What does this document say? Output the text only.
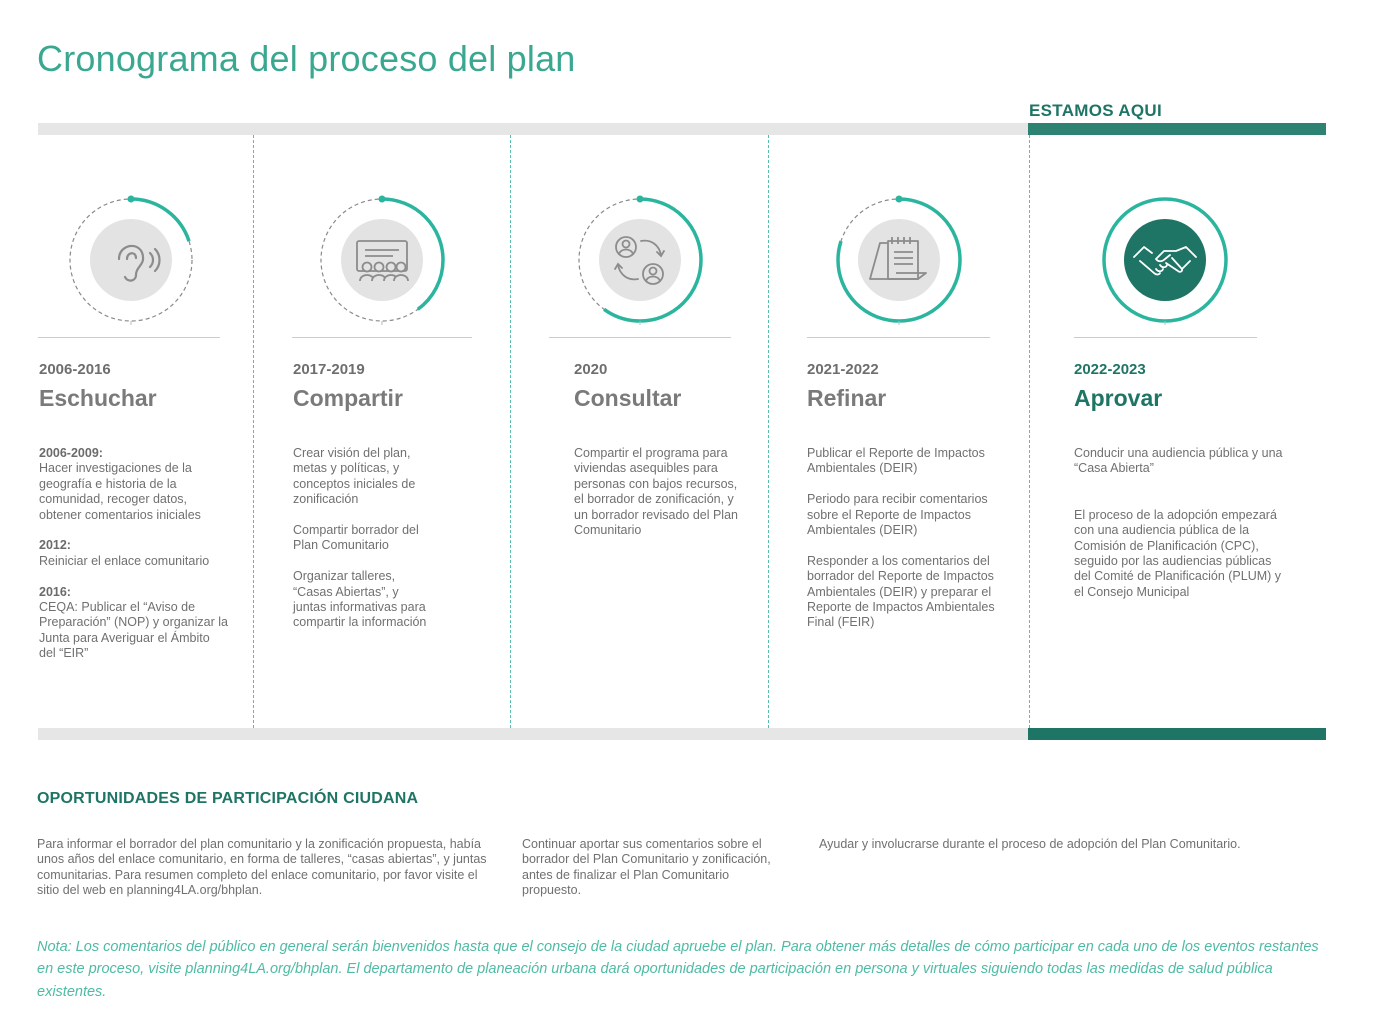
Cronograma del proceso del plan
ESTAMOS AQUI
2006-2016
Eschuchar

2006-2009:
Hacer investigaciones de la geografía e historia de la comunidad, recoger datos, obtener comentarios iniciales

2012:
Reiniciar el enlace comunitario

2016:
CEQA: Publicar el “Aviso de Preparación” (NOP) y organizar la Junta para Averiguar el Ámbito del “EIR”

2017-2019
Compartir

Crear visión del plan, metas y políticas, y conceptos iniciales de zonificación

Compartir borrador del Plan Comunitario

Organizar talleres, “Casas Abiertas”, y juntas informativas para compartir la información

2020
Consultar

Compartir el programa para viviendas asequibles para personas con bajos recursos, el borrador de zonificación, y un borrador revisado del Plan Comunitario

2021-2022
Refinar

Publicar el Reporte de Impactos Ambientales (DEIR)

Periodo para recibir comentarios sobre el Reporte de Impactos Ambientales (DEIR)

Responder a los comentarios del borrador del Reporte de Impactos Ambientales (DEIR) y preparar el Reporte de Impactos Ambientales Final (FEIR)

2022-2023
Aprovar

Conducir una audiencia pública y una “Casa Abierta”

El proceso de la adopción empezará con una audiencia pública de la Comisión de Planificación (CPC), seguido por las audiencias públicas del Comité de Planificación (PLUM) y el Consejo Municipal

OPORTUNIDADES DE PARTICIPACIÓN CIUDANA
Para informar el borrador del plan comunitario y la zonificación propuesta, había unos años del enlace comunitario, en forma de talleres, “casas abiertas”, y juntas comunitarias. Para resumen completo del enlace comunitario, por favor visite el sitio del web en planning4LA.org/bhplan.
Continuar aportar sus comentarios sobre el borrador del Plan Comunitario y zonificación, antes de finalizar el Plan Comunitario propuesto.
Ayudar y involucrarse durante el proceso de adopción del Plan Comunitario.

Nota: Los comentarios del público en general serán bienvenidos hasta que el consejo de la ciudad apruebe el plan. Para obtener más detalles de cómo participar en cada uno de los eventos restantes en este proceso, visite planning4LA.org/bhplan. El departamento de planeación urbana dará oportunidades de participación en persona y virtuales siguiendo todas las medidas de salud pública existentes.
